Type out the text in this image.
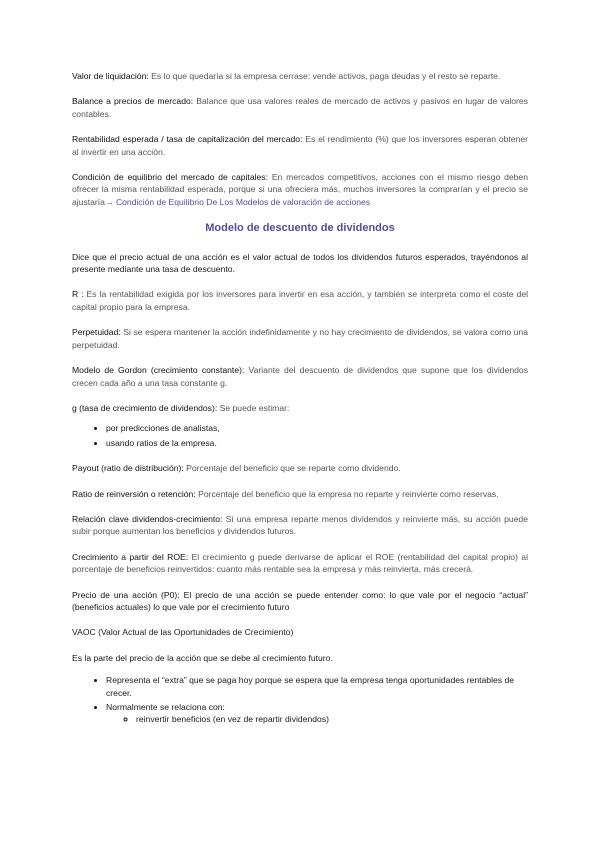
Valor de liquidación: Es lo que quedaría si la empresa cerrase: vende activos, paga deudas y el resto se reparte.

Balance a precios de mercado: Balance que usa valores reales de mercado de activos y pasivos en lugar de valores contables.

Rentabilidad esperada / tasa de capitalización del mercado: Es el rendimiento (%) que los inversores esperan obtener al invertir en una acción.

Condición de equilibrio del mercado de capitales: En mercados competitivos, acciones con el mismo riesgo deben ofrecer la misma rentabilidad esperada, porque si una ofreciera más, muchos inversores la comprarían y el precio se ajustaría→ Condición de Equilibrio De Los Modelos de valoración de acciones

Modelo de descuento de dividendos

Dice que el precio actual de una acción es el valor actual de todos los dividendos futuros esperados, trayéndonos al presente mediante una tasa de descuento.

R : Es la rentabilidad exigida por los inversores para invertir en esa acción, y también se interpreta como el coste del capital propio para la empresa.

Perpetuidad: Si se espera mantener la acción indefinidamente y no hay crecimiento de dividendos, se valora como una perpetuidad.

Modelo de Gordon (crecimiento constante): Variante del descuento de dividendos que supone que los dividendos crecen cada año a una tasa constante g.

g (tasa de crecimiento de dividendos): Se puede estimar:

• por predicciones de analistas,
• usando ratios de la empresa.

Payout (ratio de distribución): Porcentaje del beneficio que se reparte como dividendo.

Ratio de reinversión o retención: Porcentaje del beneficio que la empresa no reparte y reinvierte como reservas.

Relación clave dividendos-crecimiento: Si una empresa reparte menos dividendos y reinvierte más, su acción puede subir porque aumentan los beneficios y dividendos futuros.

Crecimiento a partir del ROE: El crecimiento g puede derivarse de aplicar el ROE (rentabilidad del capital propio) al porcentaje de beneficios reinvertidos: cuanto más rentable sea la empresa y más reinvierta, más crecerá.

Precio de una acción (P0): El precio de una acción se puede entender como: lo que vale por el negocio “actual” (beneficios actuales) lo que vale por el crecimiento futuro

VAOC (Valor Actual de las Oportunidades de Crecimiento)

Es la parte del precio de la acción que se debe al crecimiento futuro.

• Representa el “extra” que se paga hoy porque se espera que la empresa tenga oportunidades rentables de crecer.
• Normalmente se relaciona con:
◦ reinvertir beneficios (en vez de repartir dividendos)
